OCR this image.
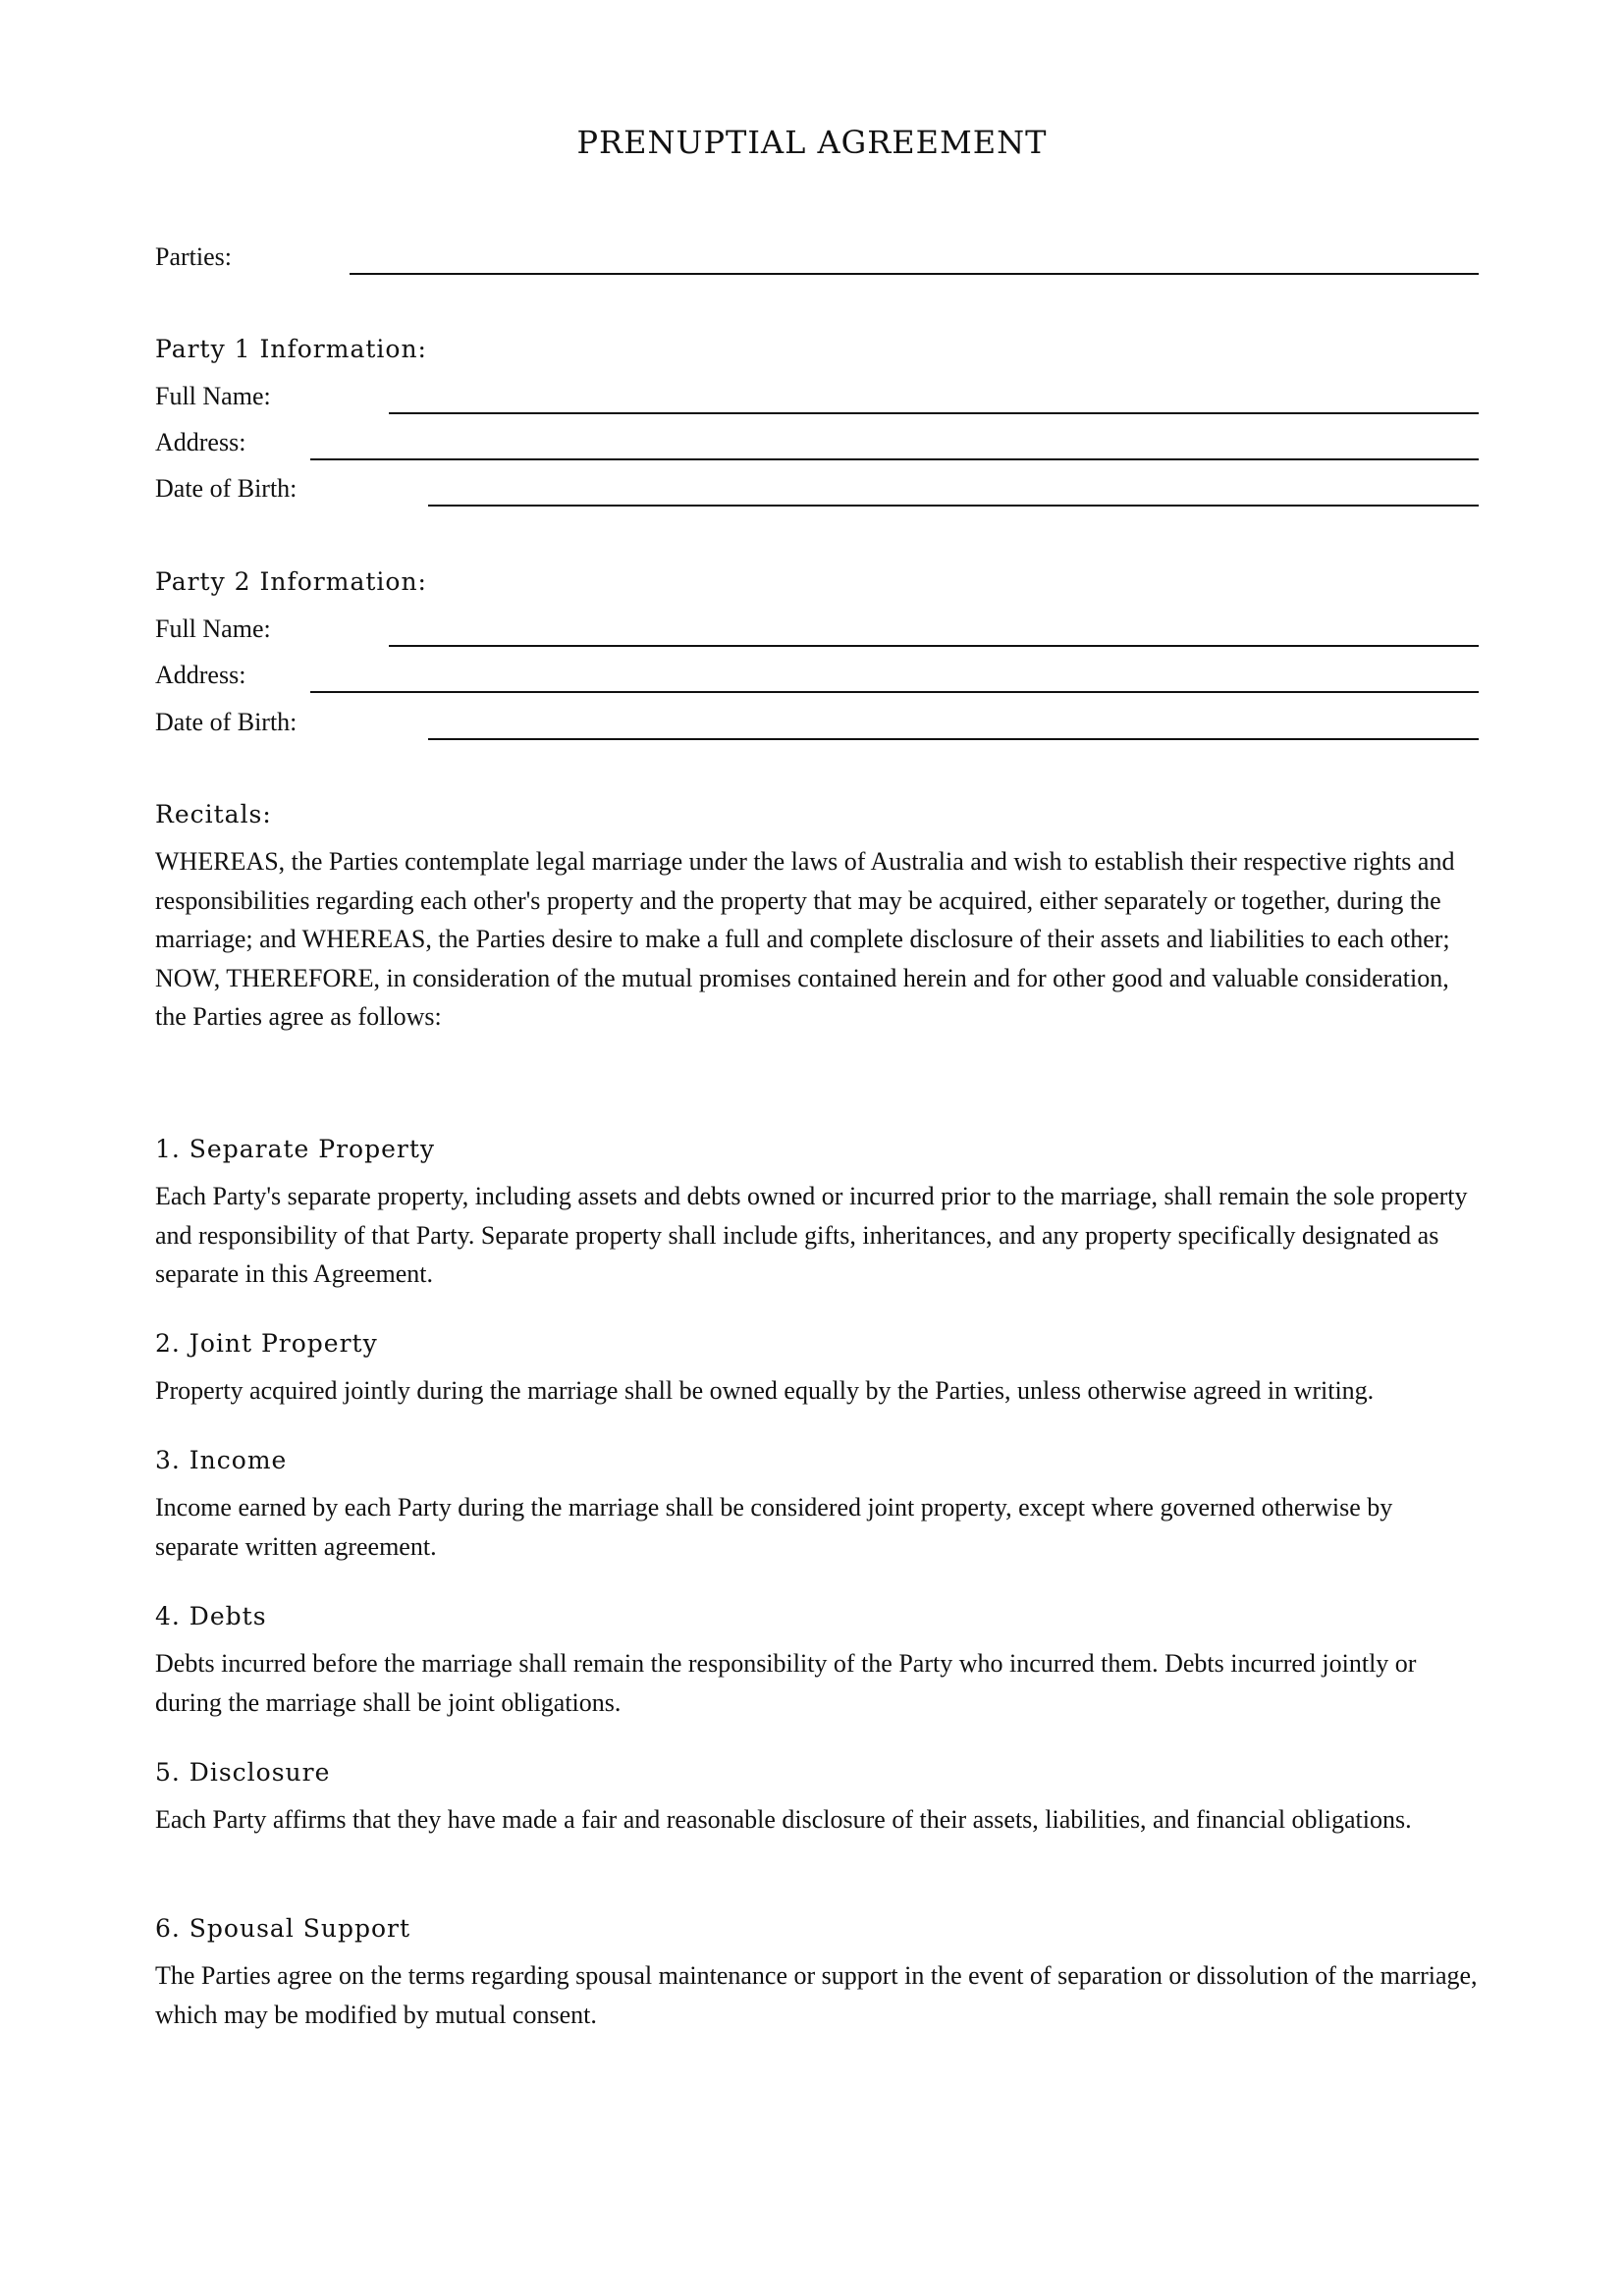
PRENUPTIAL AGREEMENT
Parties:
Party 1 Information:
Full Name:
Address:
Date of Birth:
Party 2 Information:
Full Name:
Address:
Date of Birth:
Recitals:

WHEREAS, the Parties contemplate legal marriage under the laws of Australia and wish to establish their respective rights and responsibilities regarding each other's property and the property that may be acquired, either separately or together, during the marriage; and WHEREAS, the Parties desire to make a full and complete disclosure of their assets and liabilities to each other; NOW, THEREFORE, in consideration of the mutual promises contained herein and for other good and valuable consideration, the Parties agree as follows:

1. Separate Property

Each Party's separate property, including assets and debts owned or incurred prior to the marriage, shall remain the sole property and responsibility of that Party. Separate property shall include gifts, inheritances, and any property specifically designated as separate in this Agreement.

2. Joint Property

Property acquired jointly during the marriage shall be owned equally by the Parties, unless otherwise agreed in writing.

3. Income

Income earned by each Party during the marriage shall be considered joint property, except where governed otherwise by separate written agreement.

4. Debts

Debts incurred before the marriage shall remain the responsibility of the Party who incurred them. Debts incurred jointly or during the marriage shall be joint obligations.

5. Disclosure

Each Party affirms that they have made a fair and reasonable disclosure of their assets, liabilities, and financial obligations.

6. Spousal Support

The Parties agree on the terms regarding spousal maintenance or support in the event of separation or dissolution of the marriage, which may be modified by mutual consent.
